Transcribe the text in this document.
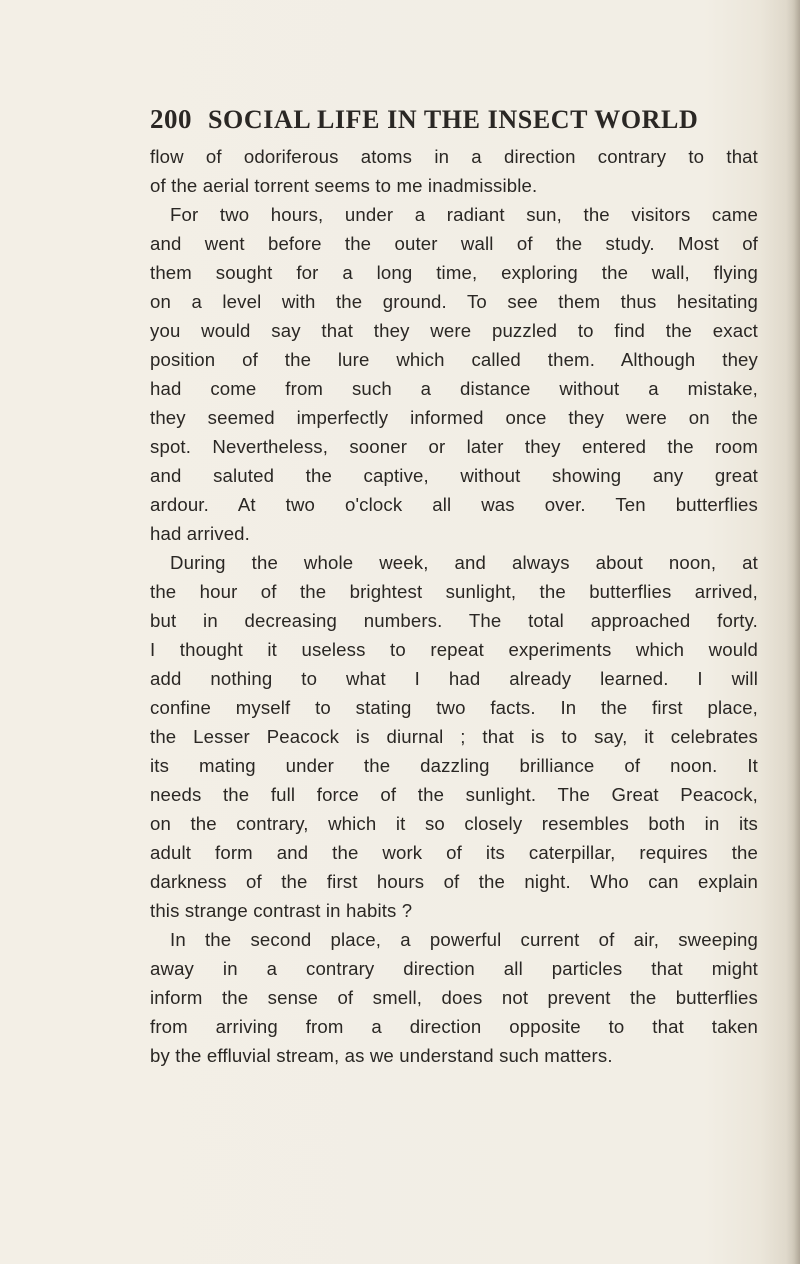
200 SOCIAL LIFE IN THE INSECT WORLD
flow of odoriferous atoms in a direction contrary to that
of the aerial torrent seems to me inadmissible.
For two hours, under a radiant sun, the visitors came
and went before the outer wall of the study. Most of
them sought for a long time, exploring the wall, flying
on a level with the ground. To see them thus hesitating
you would say that they were puzzled to find the exact
position of the lure which called them. Although they
had come from such a distance without a mistake,
they seemed imperfectly informed once they were on the
spot. Nevertheless, sooner or later they entered the room
and saluted the captive, without showing any great
ardour. At two o'clock all was over. Ten butterflies
had arrived.
During the whole week, and always about noon, at
the hour of the brightest sunlight, the butterflies arrived,
but in decreasing numbers. The total approached forty.
I thought it useless to repeat experiments which would
add nothing to what I had already learned. I will
confine myself to stating two facts. In the first place,
the Lesser Peacock is diurnal ; that is to say, it celebrates
its mating under the dazzling brilliance of noon. It
needs the full force of the sunlight. The Great Peacock,
on the contrary, which it so closely resembles both in its
adult form and the work of its caterpillar, requires the
darkness of the first hours of the night. Who can explain
this strange contrast in habits ?
In the second place, a powerful current of air, sweeping
away in a contrary direction all particles that might
inform the sense of smell, does not prevent the butterflies
from arriving from a direction opposite to that taken
by the effluvial stream, as we understand such matters.
